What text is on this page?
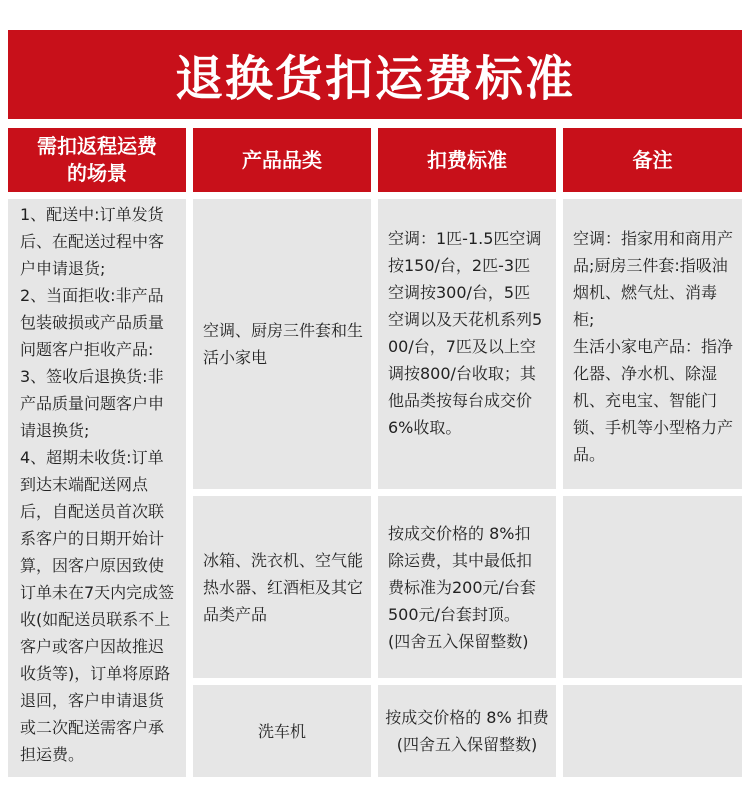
退换货扣运费标准
需扣返程运费的场景
产品品类	扣费标准	备注
1、配送中:订单发货后、在配送过程中客户申请退货;
2、当面拒收:非产品包装破损或产品质量问题客户拒收产品:
3、签收后退换货:非产品质量问题客户申请退换货;
4、超期未收货:订单到达末端配送网点后，自配送员首次联系客户的日期开始计算，因客户原因致使订单未在7天内完成签收(如配送员联系不上客户或客户因故推迟收货等)，订单将原路退回，客户申请退货或二次配送需客户承担运费。
空调、厨房三件套和生活小家电
空调：1匹-1.5匹空调按150/台，2匹-3匹空调按300/台，5匹空调以及天花机系列500/台，7匹及以上空调按800/台收取；其他品类按每台成交价6%收取。
空调：指家用和商用产品;厨房三件套:指吸油烟机、燃气灶、消毒柜;
生活小家电产品：指净化器、净水机、除湿机、充电宝、智能门锁、手机等小型格力产品。
冰箱、洗衣机、空气能热水器、红酒柜及其它品类产品
按成交价格的 8%扣除运费，其中最低扣费标准为200元/台套500元/台套封顶。
(四舍五入保留整数)
洗车机
按成交价格的 8% 扣费
(四舍五入保留整数)
